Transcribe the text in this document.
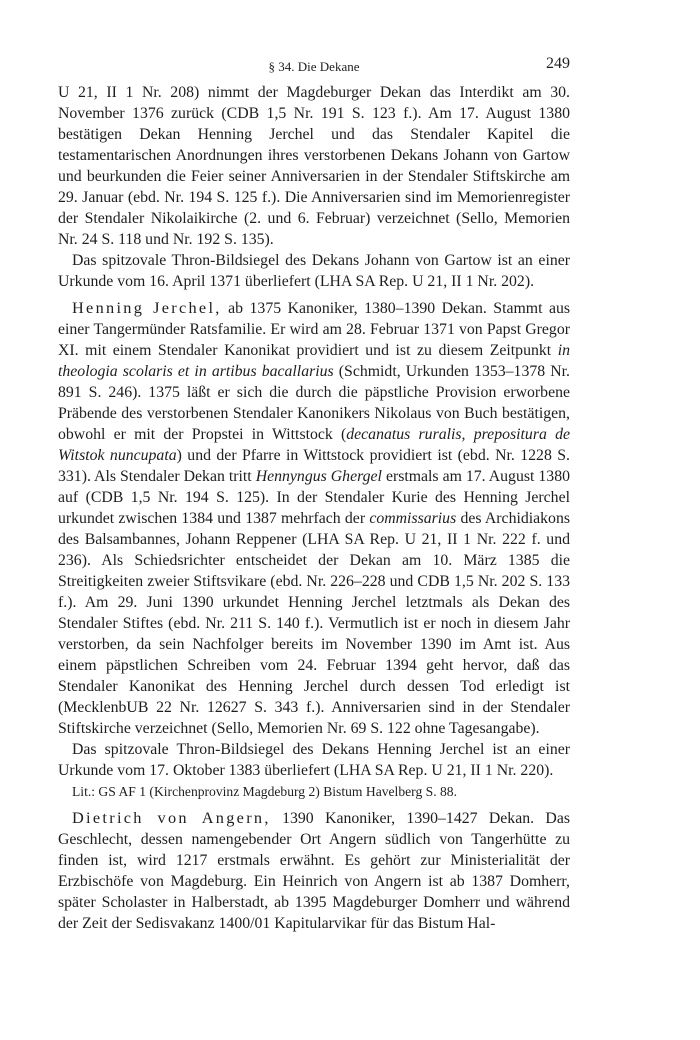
§ 34. Die Dekane	249

U 21, II 1 Nr. 208) nimmt der Magdeburger Dekan das Interdikt am 30. November 1376 zurück (CDB 1,5 Nr. 191 S. 123 f.). Am 17. August 1380 bestätigen Dekan Henning Jerchel und das Stendaler Kapitel die testamentarischen Anordnungen ihres verstorbenen Dekans Johann von Gartow und beurkunden die Feier seiner Anniversarien in der Stendaler Stiftskirche am 29. Januar (ebd. Nr. 194 S. 125 f.). Die Anniversarien sind im Memorienregister der Stendaler Nikolaikirche (2. und 6. Februar) verzeichnet (Sello, Memorien Nr. 24 S. 118 und Nr. 192 S. 135).

Das spitzovale Thron-Bildsiegel des Dekans Johann von Gartow ist an einer Urkunde vom 16. April 1371 überliefert (LHA SA Rep. U 21, II 1 Nr. 202).

Henning Jerchel, ab 1375 Kanoniker, 1380–1390 Dekan. Stammt aus einer Tangermünder Ratsfamilie. Er wird am 28. Februar 1371 von Papst Gregor XI. mit einem Stendaler Kanonikat providiert und ist zu diesem Zeitpunkt in theologia scolaris et in artibus bacallarius (Schmidt, Urkunden 1353–1378 Nr. 891 S. 246). 1375 läßt er sich die durch die päpstliche Provision erworbene Präbende des verstorbenen Stendaler Kanonikers Nikolaus von Buch bestätigen, obwohl er mit der Propstei in Wittstock (decanatus ruralis, prepositura de Witstok nuncupata) und der Pfarre in Wittstock providiert ist (ebd. Nr. 1228 S. 331). Als Stendaler Dekan tritt Hennyngus Ghergel erstmals am 17. August 1380 auf (CDB 1,5 Nr. 194 S. 125). In der Stendaler Kurie des Henning Jerchel urkundet zwischen 1384 und 1387 mehrfach der commissarius des Archidiakons des Balsambannes, Johann Reppener (LHA SA Rep. U 21, II 1 Nr. 222 f. und 236). Als Schiedsrichter entscheidet der Dekan am 10. März 1385 die Streitigkeiten zweier Stiftsvikare (ebd. Nr. 226–228 und CDB 1,5 Nr. 202 S. 133 f.). Am 29. Juni 1390 urkundet Henning Jerchel letztmals als Dekan des Stendaler Stiftes (ebd. Nr. 211 S. 140 f.). Vermutlich ist er noch in diesem Jahr verstorben, da sein Nachfolger bereits im November 1390 im Amt ist. Aus einem päpstlichen Schreiben vom 24. Februar 1394 geht hervor, daß das Stendaler Kanonikat des Henning Jerchel durch dessen Tod erledigt ist (MecklenbUB 22 Nr. 12627 S. 343 f.). Anniversarien sind in der Stendaler Stiftskirche verzeichnet (Sello, Memorien Nr. 69 S. 122 ohne Tagesangabe).

Das spitzovale Thron-Bildsiegel des Dekans Henning Jerchel ist an einer Urkunde vom 17. Oktober 1383 überliefert (LHA SA Rep. U 21, II 1 Nr. 220).

Lit.: GS AF 1 (Kirchenprovinz Magdeburg 2) Bistum Havelberg S. 88.

Dietrich von Angern, 1390 Kanoniker, 1390–1427 Dekan. Das Geschlecht, dessen namengebender Ort Angern südlich von Tangerhütte zu finden ist, wird 1217 erstmals erwähnt. Es gehört zur Ministerialität der Erzbischöfe von Magdeburg. Ein Heinrich von Angern ist ab 1387 Domherr, später Scholaster in Halberstadt, ab 1395 Magdeburger Domherr und während der Zeit der Sedisvakanz 1400/01 Kapitularvikar für das Bistum Hal-
